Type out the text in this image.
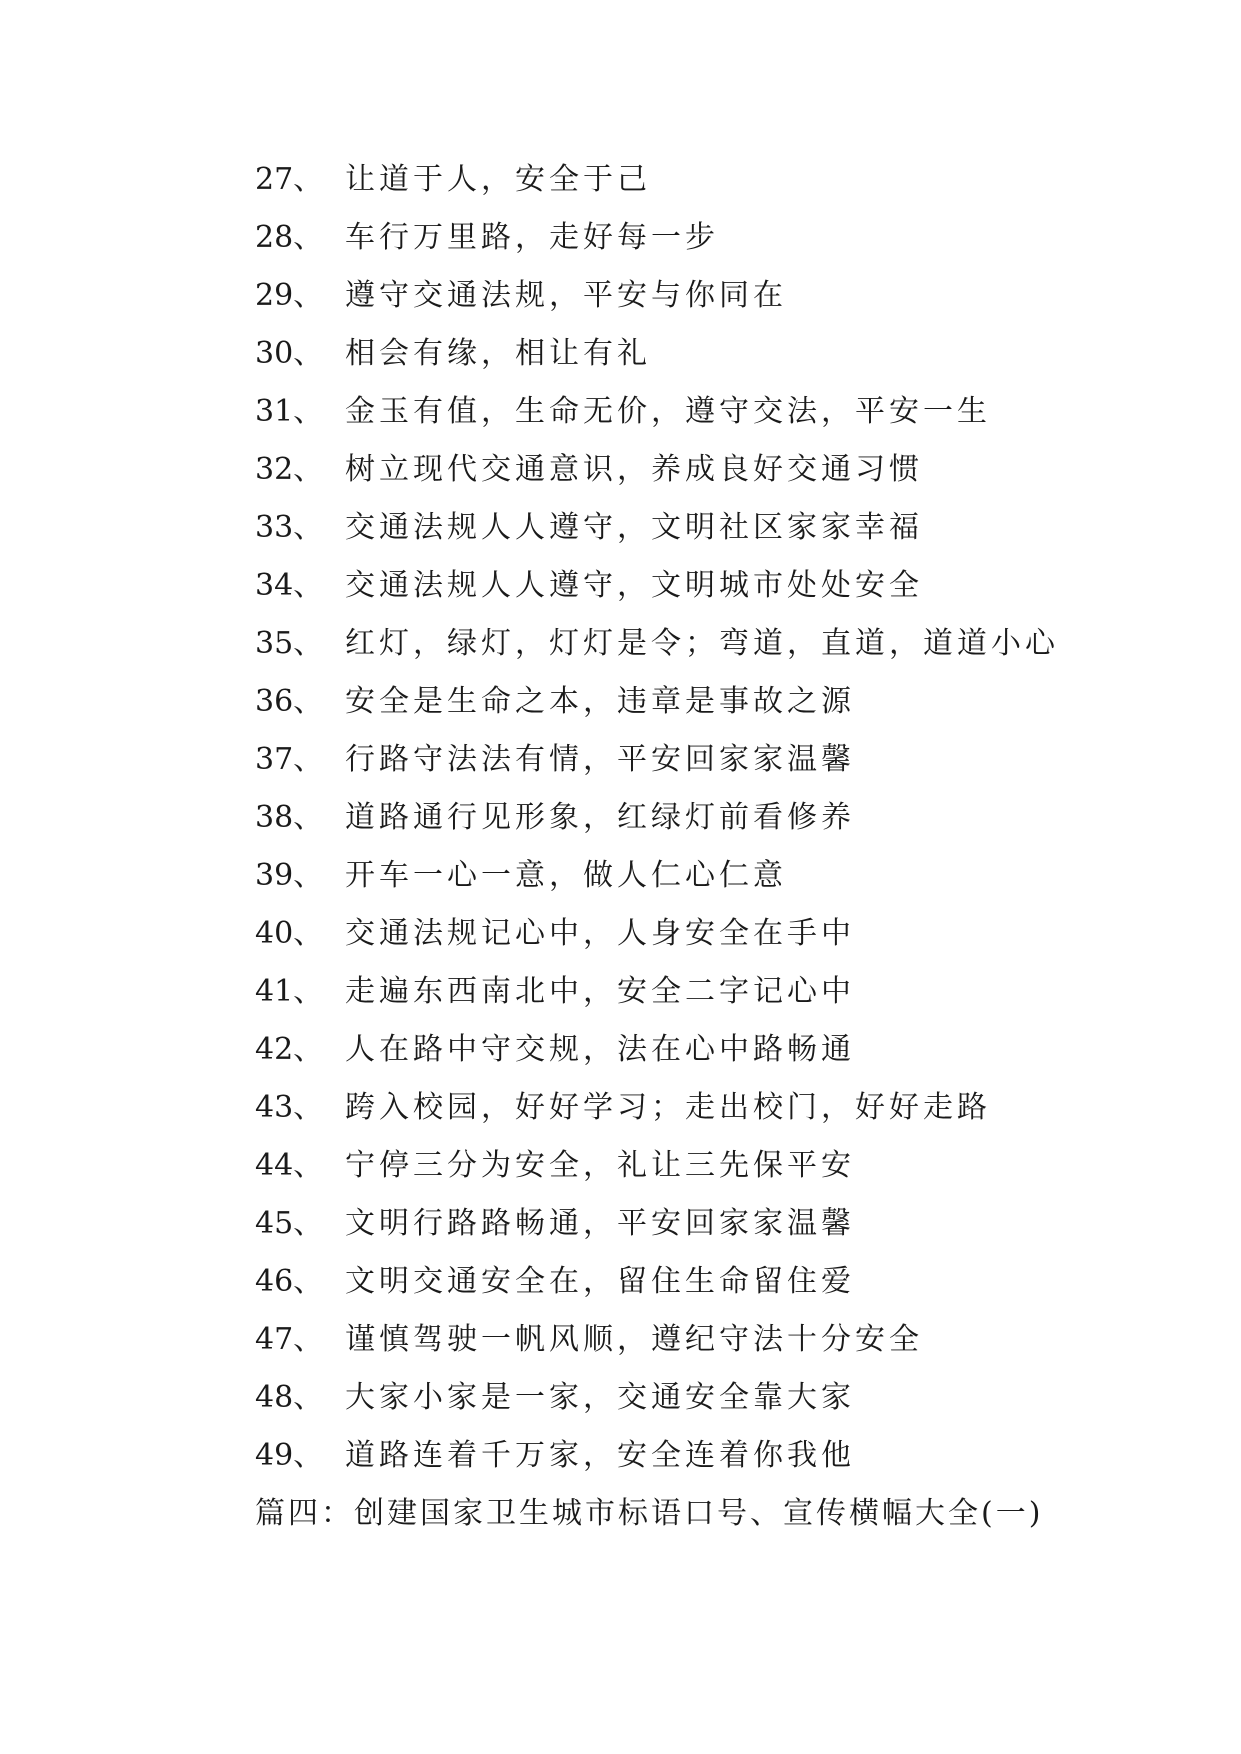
27、 让道于人，安全于己
28、 车行万里路，走好每一步
29、 遵守交通法规，平安与你同在
30、 相会有缘，相让有礼
31、 金玉有值，生命无价，遵守交法，平安一生
32、 树立现代交通意识，养成良好交通习惯
33、 交通法规人人遵守，文明社区家家幸福
34、 交通法规人人遵守，文明城市处处安全
35、 红灯，绿灯，灯灯是令；弯道，直道，道道小心
36、 安全是生命之本，违章是事故之源
37、 行路守法法有情，平安回家家温馨
38、 道路通行见形象，红绿灯前看修养
39、 开车一心一意，做人仁心仁意
40、 交通法规记心中，人身安全在手中
41、 走遍东西南北中，安全二字记心中
42、 人在路中守交规，法在心中路畅通
43、 跨入校园，好好学习；走出校门，好好走路
44、 宁停三分为安全，礼让三先保平安
45、 文明行路路畅通，平安回家家温馨
46、 文明交通安全在，留住生命留住爱
47、 谨慎驾驶一帆风顺，遵纪守法十分安全
48、 大家小家是一家，交通安全靠大家
49、 道路连着千万家，安全连着你我他
篇四：创建国家卫生城市标语口号、宣传横幅大全(一)
